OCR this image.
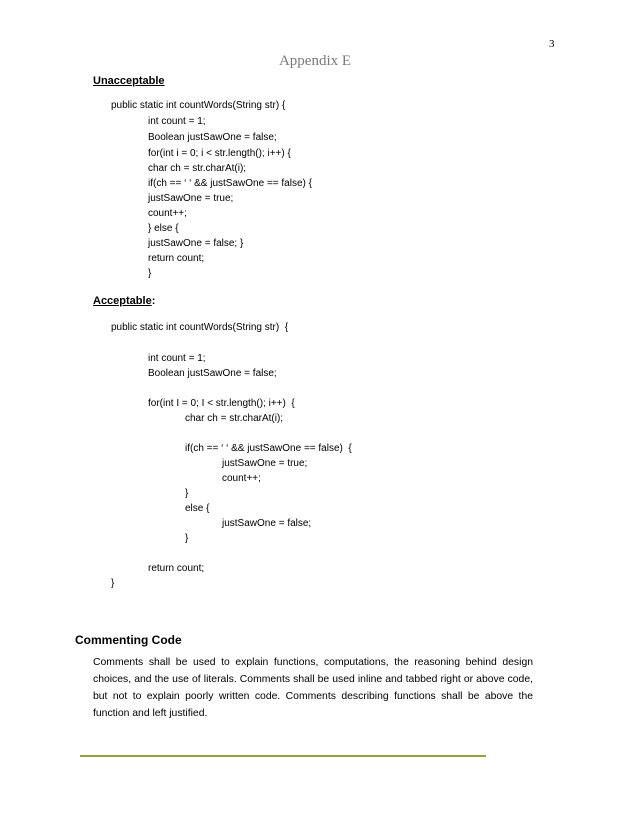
3
Appendix E
Unacceptable
public static int countWords(String str) {
int count = 1;
Boolean justSawOne = false;
for(int i = 0; i < str.length(); i++) {
char ch = str.charAt(i);
if(ch == ‘ ‘ && justSawOne == false) {
justSawOne = true;
count++;
} else {
justSawOne = false; }
return count;
}
Acceptable:
public static int countWords(String str)  {
int count = 1;
Boolean justSawOne = false;
for(int I = 0; I < str.length(); i++)  {
char ch = str.charAt(i);
if(ch == ‘ ‘ && justSawOne == false)  {
justSawOne = true;
count++;
}
else {
justSawOne = false;
}
return count;
}
Commenting Code
Comments shall be used to explain functions, computations, the reasoning behind design choices, and the use of literals. Comments shall be used inline and tabbed right or above code, but not to explain poorly written code. Comments describing functions shall be above the function and left justified.
